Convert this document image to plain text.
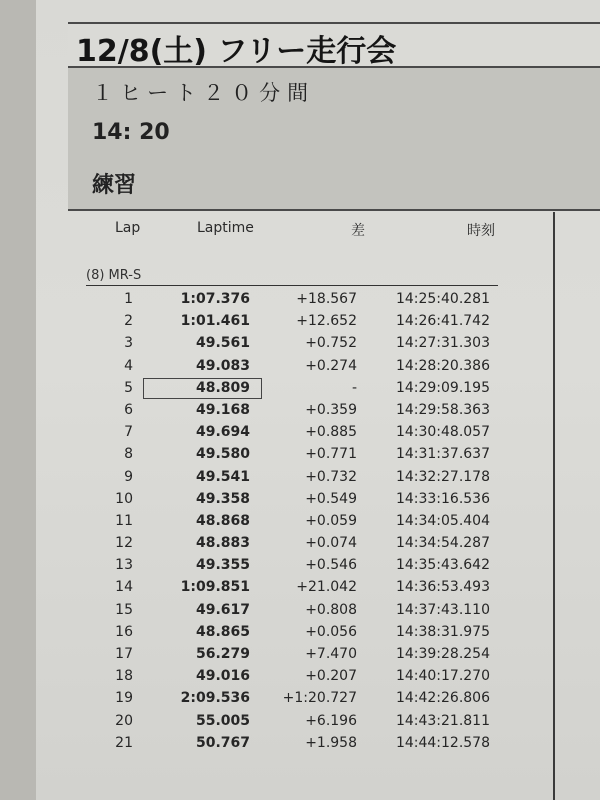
12/8(土) フリー走行会
１ヒート２０分間
14: 20
練習
Lap	Laptime	差	時刻
(8) MR-S
1	1:07.376	+18.567	14:25:40.281
2	1:01.461	+12.652	14:26:41.742
3	49.561	+0.752	14:27:31.303
4	49.083	+0.274	14:28:20.386
5	48.809	-	14:29:09.195
6	49.168	+0.359	14:29:58.363
7	49.694	+0.885	14:30:48.057
8	49.580	+0.771	14:31:37.637
9	49.541	+0.732	14:32:27.178
10	49.358	+0.549	14:33:16.536
11	48.868	+0.059	14:34:05.404
12	48.883	+0.074	14:34:54.287
13	49.355	+0.546	14:35:43.642
14	1:09.851	+21.042	14:36:53.493
15	49.617	+0.808	14:37:43.110
16	48.865	+0.056	14:38:31.975
17	56.279	+7.470	14:39:28.254
18	49.016	+0.207	14:40:17.270
19	2:09.536 +1:20.727	14:42:26.806
20	55.005	+6.196	14:43:21.811
21	50.767	+1.958	14:44:12.578
